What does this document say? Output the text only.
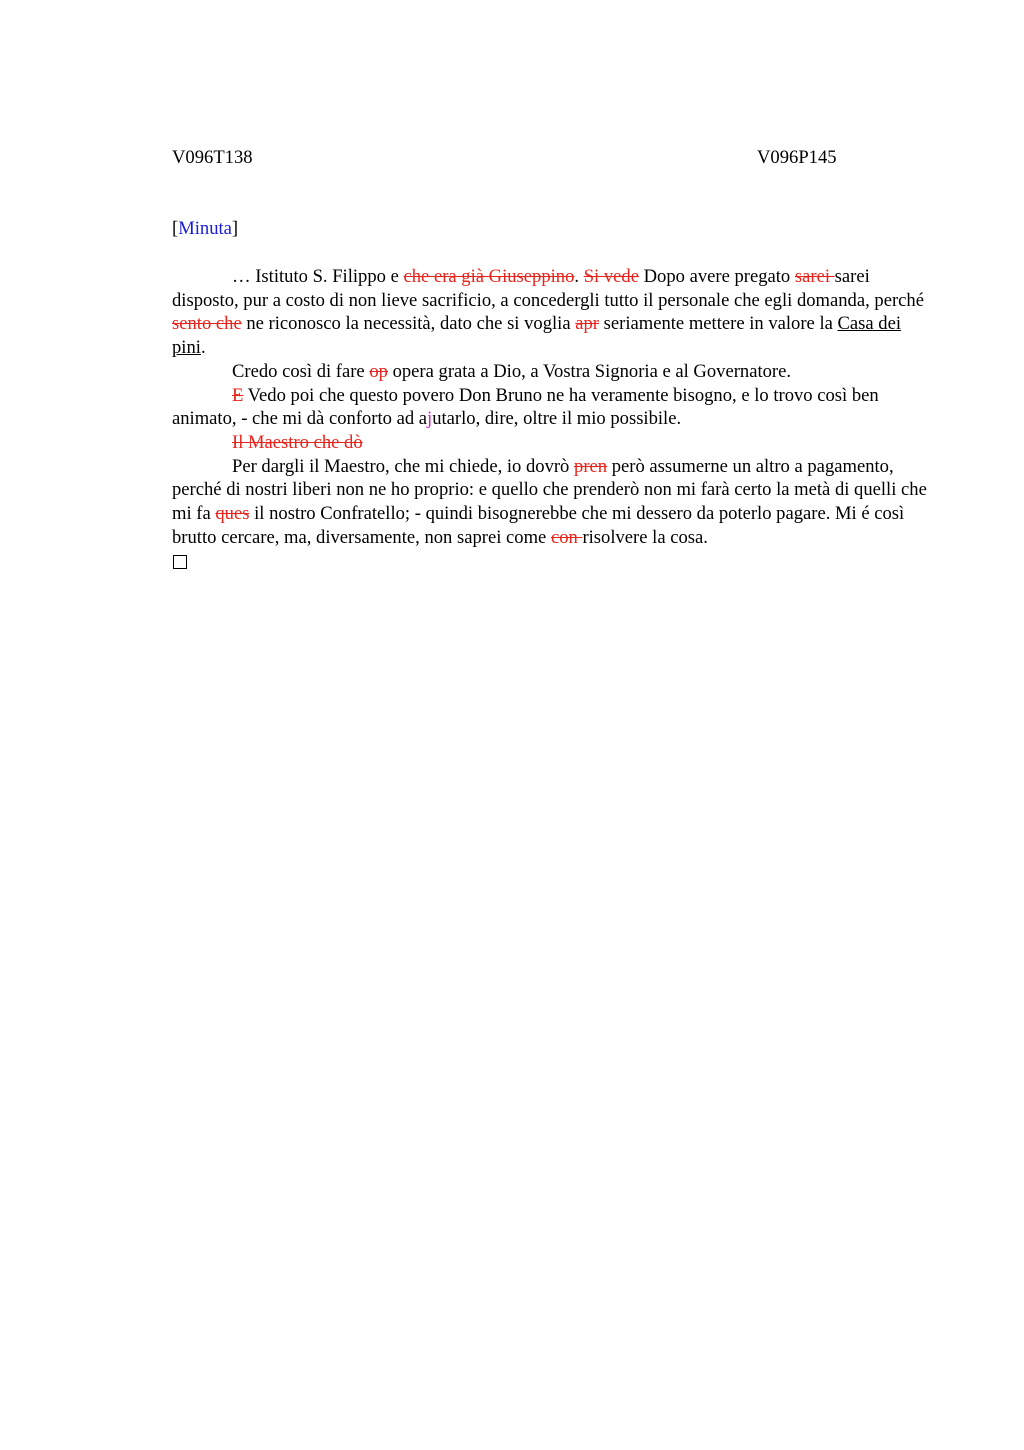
V096T138	V096P145
[Minuta]

… Istituto S. Filippo e che era già Giuseppino. Si vede Dopo avere pregato sarei sarei disposto, pur a costo di non lieve sacrificio, a concedergli tutto il personale che egli domanda, perché sento che ne riconosco la necessità, dato che si voglia apr seriamente mettere in valore la Casa dei pini.

Credo così di fare op opera grata a Dio, a Vostra Signoria e al Governatore.

E Vedo poi che questo povero Don Bruno ne ha veramente bisogno, e lo trovo così ben animato, - che mi dà conforto ad ajutarlo, dire, oltre il mio possibile.

Il Maestro che dò

Per dargli il Maestro, che mi chiede, io dovrò pren però assumerne un altro a pagamento, perché di nostri liberi non ne ho proprio: e quello che prenderò non mi farà certo la metà di quelli che mi fa ques il nostro Confratello; - quindi bisognerebbe che mi dessero da poterlo pagare. Mi é così brutto cercare, ma, diversamente, non saprei come con risolvere la cosa.
